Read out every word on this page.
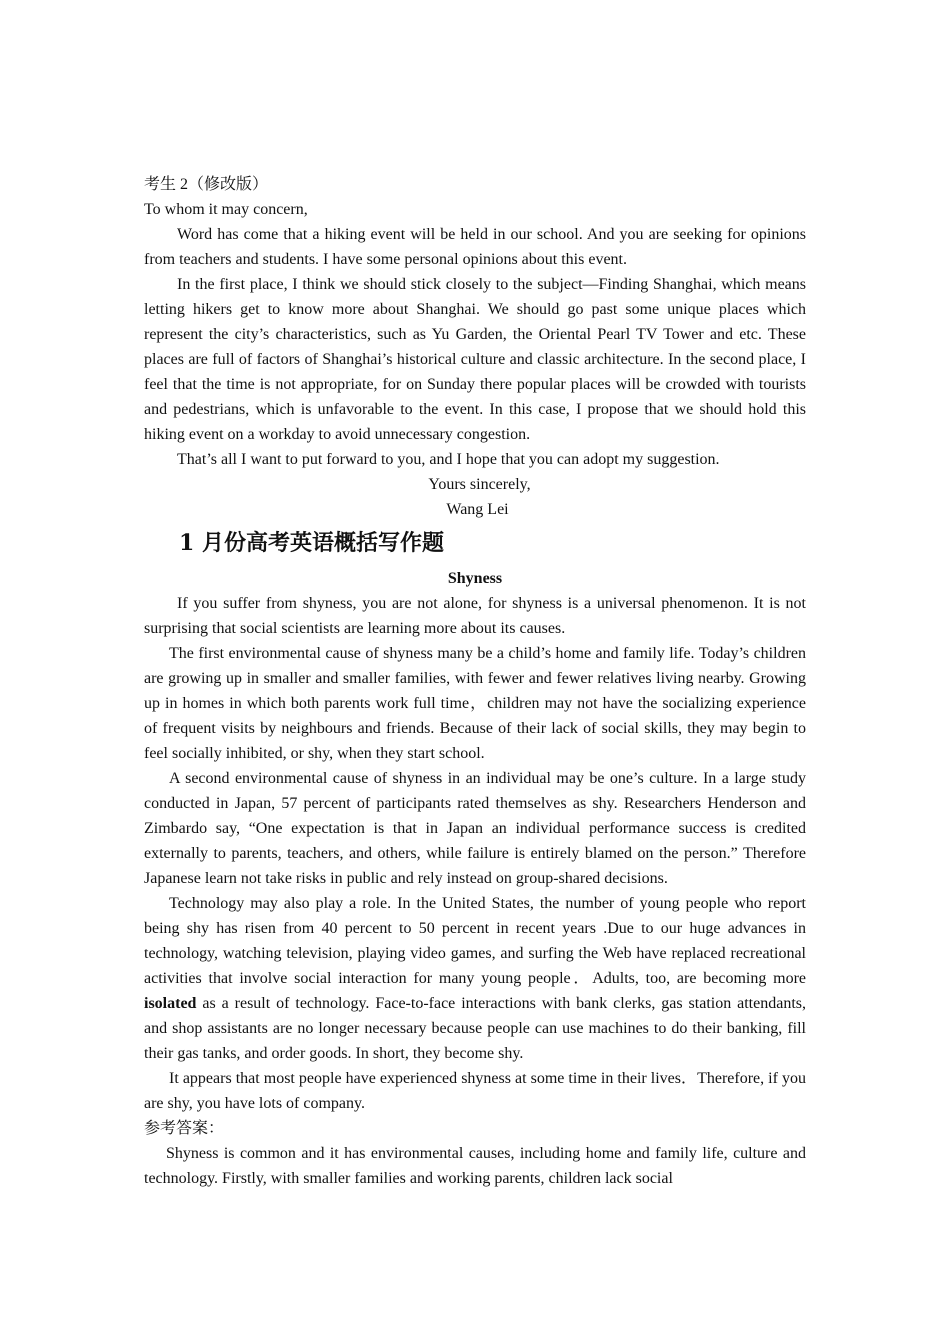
考生 2（修改版）

To whom it may concern,

Word has come that a hiking event will be held in our school. And you are seeking for opinions from teachers and students. I have some personal opinions about this event.

In the first place, I think we should stick closely to the subject—Finding Shanghai, which means letting hikers get to know more about Shanghai. We should go past some unique places which represent the city’s characteristics, such as Yu Garden, the Oriental Pearl TV Tower and etc. These places are full of factors of Shanghai’s historical culture and classic architecture. In the second place, I feel that the time is not appropriate, for on Sunday there popular places will be crowded with tourists and pedestrians, which is unfavorable to the event. In this case, I propose that we should hold this hiking event on a workday to avoid unnecessary congestion.

That’s all I want to put forward to you, and I hope that you can adopt my suggestion.

Yours sincerely,

Wang Lei

1 月份高考英语概括写作题

Shyness

If you suffer from shyness, you are not alone, for shyness is a universal phenomenon. It is not surprising that social scientists are learning more about its causes.

The first environmental cause of shyness many be a child’s home and family life. Today’s children are growing up in smaller and smaller families, with fewer and fewer relatives living nearby. Growing up in homes in which both parents work full time，children may not have the socializing experience of frequent visits by neighbours and friends. Because of their lack of social skills, they may begin to feel socially inhibited, or shy, when they start school.

A second environmental cause of shyness in an individual may be one’s culture. In a large study conducted in Japan, 57 percent of participants rated themselves as shy. Researchers Henderson and Zimbardo say, “One expectation is that in Japan an individual performance success is credited externally to parents, teachers, and others, while failure is entirely blamed on the person.” Therefore Japanese learn not take risks in public and rely instead on group-shared decisions.

Technology may also play a role. In the United States, the number of young people who report being shy has risen from 40 percent to 50 percent in recent years .Due to our huge advances in technology, watching television, playing video games, and surfing the Web have replaced recreational activities that involve social interaction for many young people．Adults, too, are becoming more isolated as a result of technology. Face-to-face interactions with bank clerks, gas station attendants, and shop assistants are no longer necessary because people can use machines to do their banking, fill their gas tanks, and order goods. In short, they become shy.

It appears that most people have experienced shyness at some time in their lives．Therefore, if you are shy, you have lots of company.

参考答案：

Shyness is common and it has environmental causes, including home and family life, culture and technology. Firstly, with smaller families and working parents, children lack social
